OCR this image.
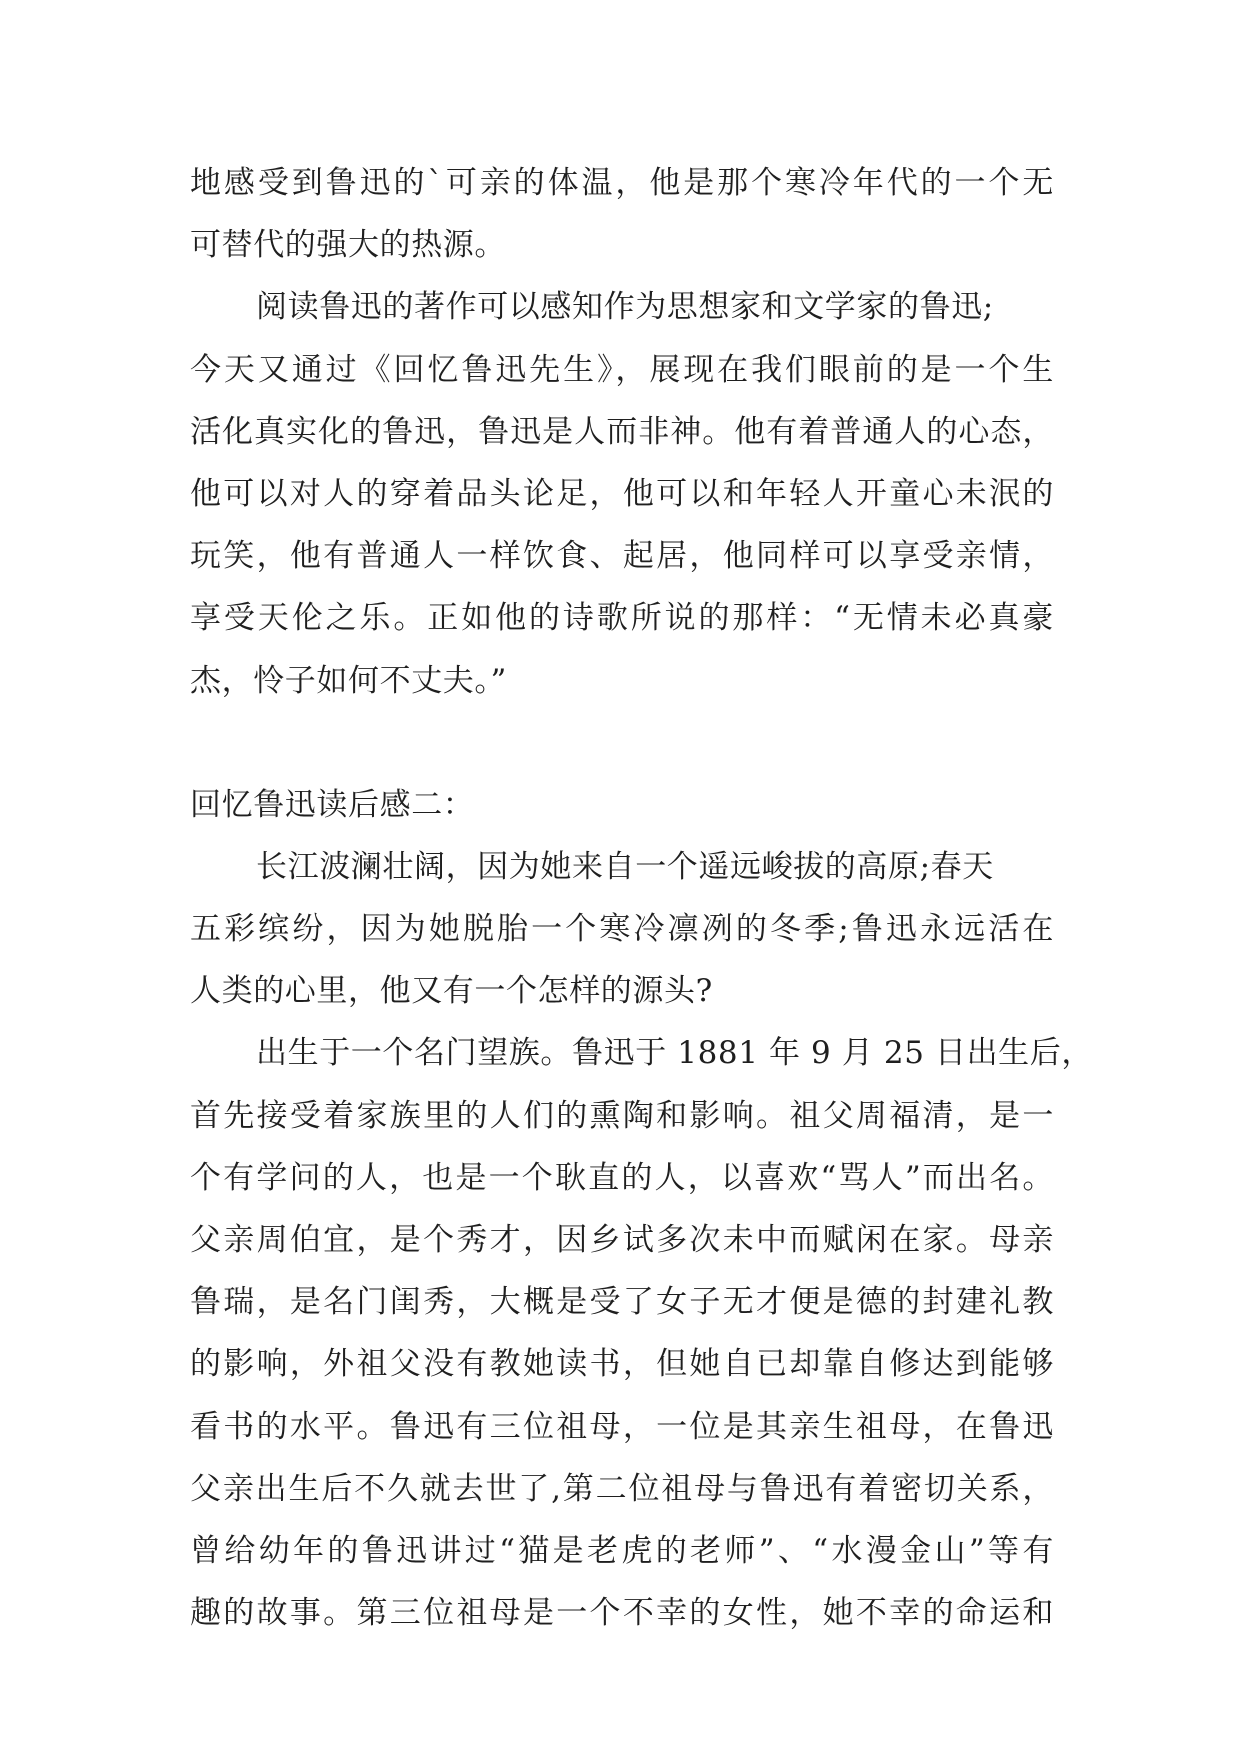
地感受到鲁迅的`可亲的体温，他是那个寒冷年代的一个无
可替代的强大的热源。
阅读鲁迅的著作可以感知作为思想家和文学家的鲁迅;
今天又通过《回忆鲁迅先生》，展现在我们眼前的是一个生
活化真实化的鲁迅，鲁迅是人而非神。他有着普通人的心态，
他可以对人的穿着品头论足，他可以和年轻人开童心未泯的
玩笑，他有普通人一样饮食、起居，他同样可以享受亲情，
享受天伦之乐。正如他的诗歌所说的那样：“无情未必真豪
杰，怜子如何不丈夫。”
回忆鲁迅读后感二：
长江波澜壮阔，因为她来自一个遥远峻拔的高原;春天
五彩缤纷，因为她脱胎一个寒冷凛冽的冬季;鲁迅永远活在
人类的心里，他又有一个怎样的源头?
出生于一个名门望族。鲁迅于 1881 年 9 月 25 日出生后，
首先接受着家族里的人们的熏陶和影响。祖父周福清，是一
个有学问的人，也是一个耿直的人，以喜欢“骂人”而出名。
父亲周伯宜，是个秀才，因乡试多次未中而赋闲在家。母亲
鲁瑞，是名门闺秀，大概是受了女子无才便是德的封建礼教
的影响，外祖父没有教她读书，但她自已却靠自修达到能够
看书的水平。鲁迅有三位祖母，一位是其亲生祖母，在鲁迅
父亲出生后不久就去世了,第二位祖母与鲁迅有着密切关系，
曾给幼年的鲁迅讲过“猫是老虎的老师”、“水漫金山”等有
趣的故事。第三位祖母是一个不幸的女性，她不幸的命运和
